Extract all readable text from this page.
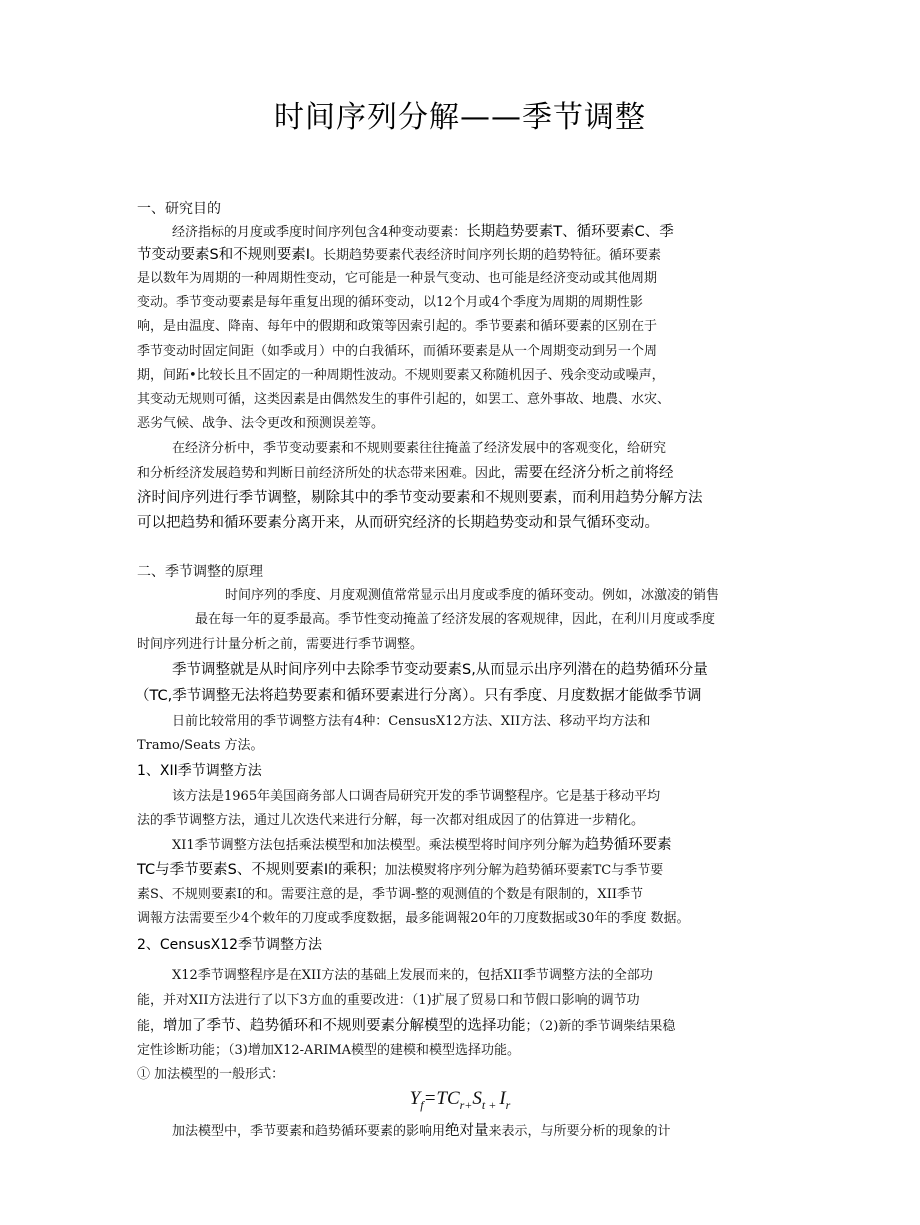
时间序列分解——季节调整
一、研究目的
经济指标的月度或季度时间序列包含4种变动要素：长期趋势要素T、循环要素C、季
节变动要素S和不规则要素I。长期趋势要素代表经济时间序列长期的趋势特征。循环要素
是以数年为周期的一种周期性变动，它可能是一种景气变动、也可能是经济变动或其他周期
变动。季节变动要素是每年重复出现的循环变动，以12个月或4个季度为周期的周期性影
响，是由温度、降南、每年中的假期和政策等因索引起的。季节要素和循环要素的区别在于
季节变动时固定间距（如季或月）中的白我循环，而循环要素是从一个周期变动到另一个周
期，间跖•比较长且不固定的一种周期性波动。不规则要素又称随机因子、残余变动或噪声，
其变动无规则可循，这类因素是由偶然发生的事件引起的，如罢工、意外事故、地農、水灾、
恶劣气候、战争、法令更改和预测误差等。
在经济分析中，季节变动要素和不规则要素往往掩盖了经济发展中的客观变化，给研究
和分析经济发展趋势和判断日前经济所处的状态带来困难。因此，需要在经济分析之前将经
济时间序列进行季节调整，剔除其中的季节变动要素和不规则要素，而利用趋势分解方法
可以把趋势和循环要素分离开来，从而研究经济的长期趋势变动和景气循环变动。
二、季节调整的原理
时间序列的季度、月度观测值常常显示出月度或季度的循环变动。例如，冰激凌的销售
最在每一年的夏季最高。季节性变动掩盖了经济发展的客观规律，因此，在利川月度或季度
时间序列进行计量分析之前，需要进行季节调整。
季节调整就是从时间序列中去除季节变动要素S,从而显示出序列潜在的趋势循环分量
（TC,季节调整无法将趋势要素和循环要素进行分离）。只有季度、月度数据才能做季节调
日前比较常用的季节调整方法有4种：CensusX12方法、XII方法、移动平均方法和
Tramo/Seats 方法。
1、XII季节调整方法
该方法是1965年美国商务部人口调杳局研究开发的季节调整程序。它是基于移动平均
法的季节调整方法，通过儿次迭代来进行分解，每一次都对组成因了的估算进一步精化。
XI1季节调整方法包括乘法模型和加法模型。乘法模型将时间序列分解为趋势循环要素
TC与季节要素S、不规则要素I的乘积；加法模熨将序列分解为趋势循环要素TC与季节要
素S、不规则要素I的和。需要注意的是，季节调-整的观测值的个数是有限制的，XII季节
调報方法需要至少4个敕年的刀度或季度数据，最多能调報20年的刀度数据或30年的季度 数据。
2、CensusX12季节调整方法
X12季节调整程序是在XII方法的基础上发展而来的，包括XII季节调整方法的全部功
能，并对XII方法进行了以下3方血的重要改进：（1)扩展了贸易口和节假口影响的调节功
能，增加了季节、趋势循环和不规则要素分解模型的选择功能；（2)新的季节调柴结果稳
定性诊断功能；（3)增加X12-ARIMA模型的建模和模型选择功能。
① 加法模型的一般形式：
$Y_f=TC_{r+}S_{t +}$ $I_r$
加法模型中，季节要素和趋势循环要素的影响用绝对量来表示，与所要分析的现象的计
